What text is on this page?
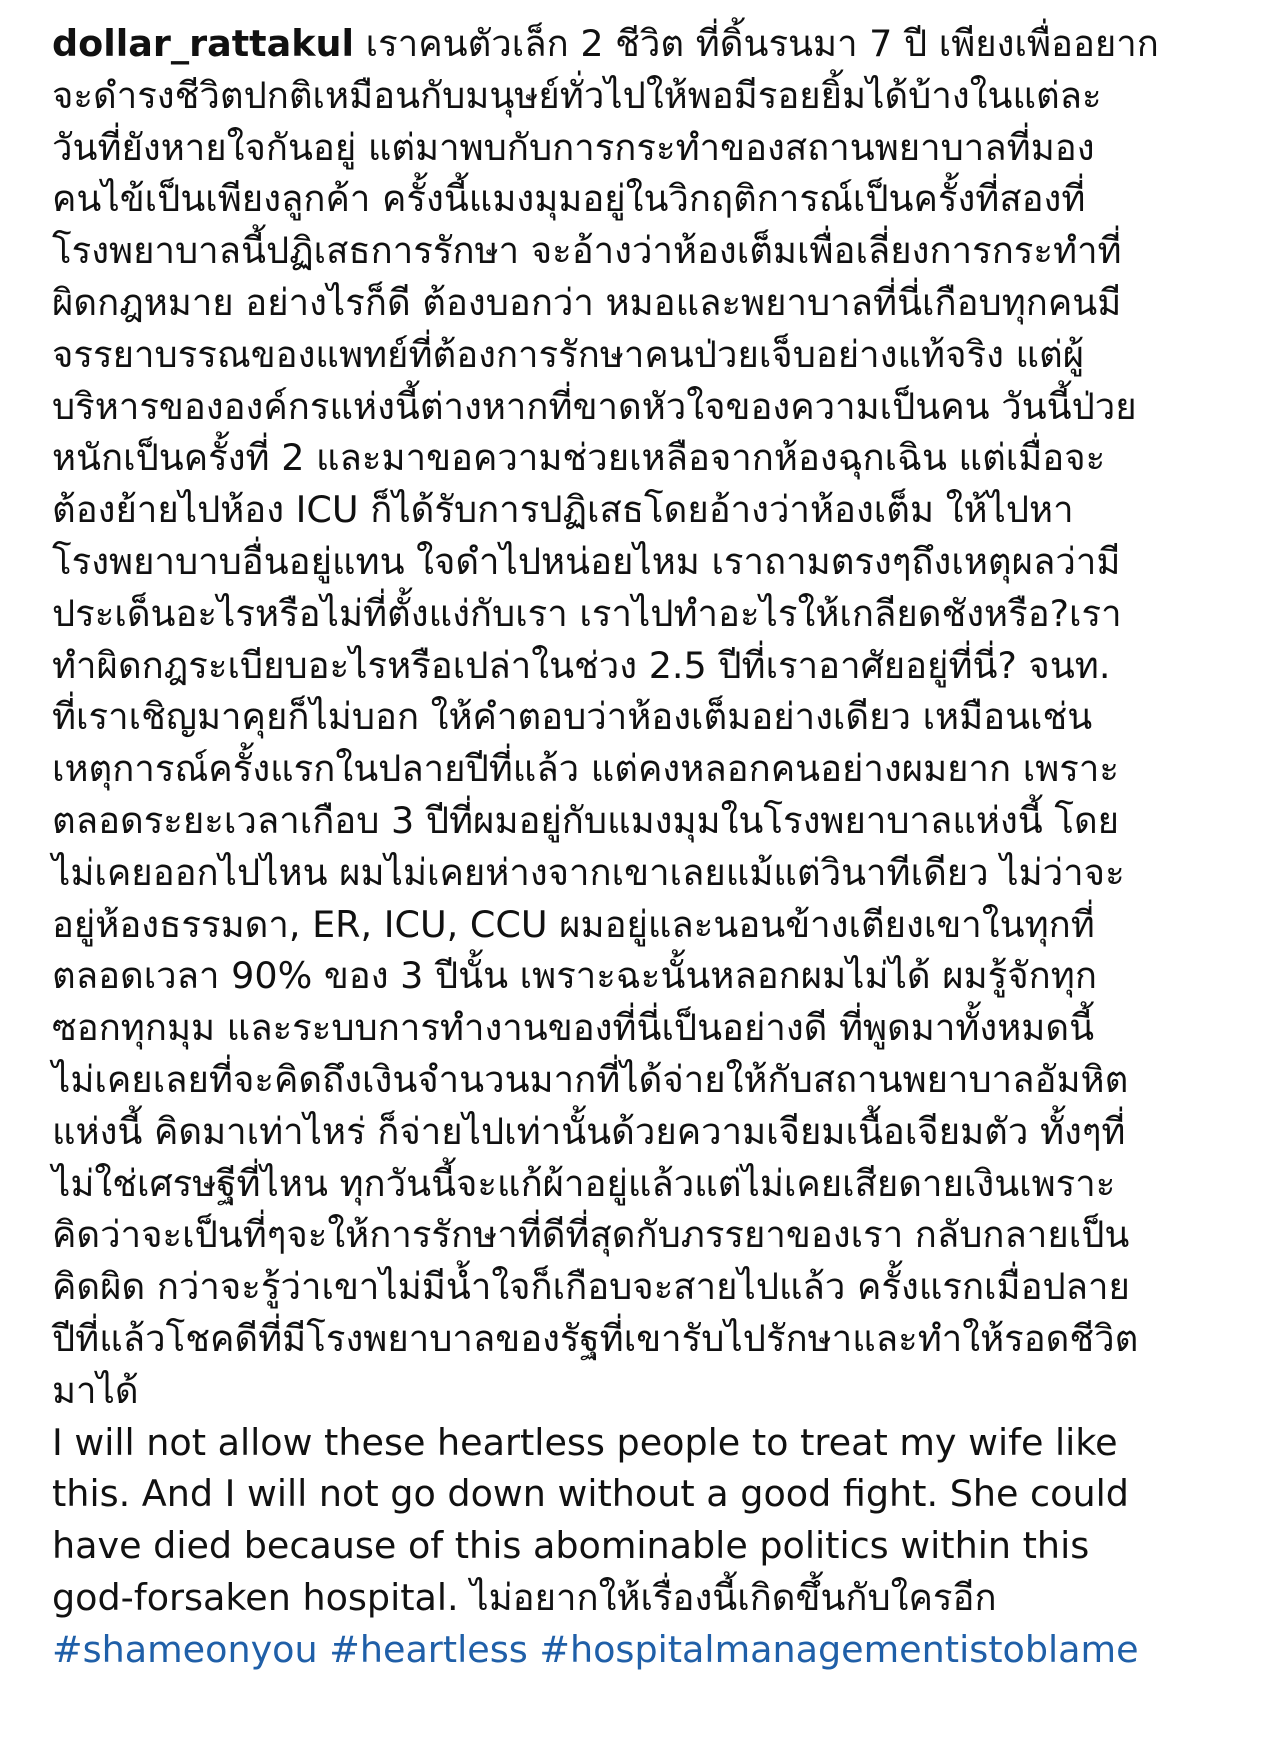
dollar_rattakul เราคนตัวเล็ก 2 ชีวิต ที่ดิ้นรนมา 7 ปี เพียงเพื่ออยาก
จะดำรงชีวิตปกติเหมือนกับมนุษย์ทั่วไปให้พอมีรอยยิ้มได้บ้างในแต่ละ
วันที่ยังหายใจกันอยู่ แต่มาพบกับการกระทำของสถานพยาบาลที่มอง
คนไข้เป็นเพียงลูกค้า ครั้งนี้แมงมุมอยู่ในวิกฤติการณ์เป็นครั้งที่สองที่
โรงพยาบาลนี้ปฏิเสธการรักษา จะอ้างว่าห้องเต็มเพื่อเลี่ยงการกระทำที่
ผิดกฎหมาย อย่างไรก็ดี ต้องบอกว่า หมอและพยาบาลที่นี่เกือบทุกคนมี
จรรยาบรรณของแพทย์ที่ต้องการรักษาคนป่วยเจ็บอย่างแท้จริง แต่ผู้
บริหารขององค์กรแห่งนี้ต่างหากที่ขาดหัวใจของความเป็นคน วันนี้ป่วย
หนักเป็นครั้งที่ 2 และมาขอความช่วยเหลือจากห้องฉุกเฉิน แต่เมื่อจะ
ต้องย้ายไปห้อง ICU ก็ได้รับการปฏิเสธโดยอ้างว่าห้องเต็ม ให้ไปหา
โรงพยาบาบอื่นอยู่แทน ใจดำไปหน่อยไหม เราถามตรงๆถึงเหตุผลว่ามี
ประเด็นอะไรหรือไม่ที่ตั้งแง่กับเรา เราไปทำอะไรให้เกลียดชังหรือ?เรา
ทำผิดกฎระเบียบอะไรหรือเปล่าในช่วง 2.5 ปีที่เราอาศัยอยู่ที่นี่? จนท.
ที่เราเชิญมาคุยก็ไม่บอก ให้คำตอบว่าห้องเต็มอย่างเดียว เหมือนเช่น
เหตุการณ์ครั้งแรกในปลายปีที่แล้ว แต่คงหลอกคนอย่างผมยาก เพราะ
ตลอดระยะเวลาเกือบ 3 ปีที่ผมอยู่กับแมงมุมในโรงพยาบาลแห่งนี้ โดย
ไม่เคยออกไปไหน ผมไม่เคยห่างจากเขาเลยแม้แต่วินาทีเดียว ไม่ว่าจะ
อยู่ห้องธรรมดา, ER, ICU, CCU ผมอยู่และนอนข้างเตียงเขาในทุกที่
ตลอดเวลา 90% ของ 3 ปีนั้น เพราะฉะนั้นหลอกผมไม่ได้ ผมรู้จักทุก
ซอกทุกมุม และระบบการทำงานของที่นี่เป็นอย่างดี ที่พูดมาทั้งหมดนี้
ไม่เคยเลยที่จะคิดถึงเงินจำนวนมากที่ได้จ่ายให้กับสถานพยาบาลอัมหิต
แห่งนี้ คิดมาเท่าไหร่ ก็จ่ายไปเท่านั้นด้วยความเจียมเนื้อเจียมตัว ทั้งๆที่
ไม่ใช่เศรษฐีที่ไหน ทุกวันนี้จะแก้ผ้าอยู่แล้วแต่ไม่เคยเสียดายเงินเพราะ
คิดว่าจะเป็นที่ๆจะให้การรักษาที่ดีที่สุดกับภรรยาของเรา กลับกลายเป็น
คิดผิด กว่าจะรู้ว่าเขาไม่มีน้ำใจก็เกือบจะสายไปแล้ว ครั้งแรกเมื่อปลาย
ปีที่แล้วโชคดีที่มีโรงพยาบาลของรัฐที่เขารับไปรักษาและทำให้รอดชีวิต
มาได้
I will not allow these heartless people to treat my wife like
this. And I will not go down without a good fight. She could
have died because of this abominable politics within this
god-forsaken hospital. ไม่อยากให้เรื่องนี้เกิดขึ้นกับใครอีก
#shameonyou #heartless #hospitalmanagementistoblame
